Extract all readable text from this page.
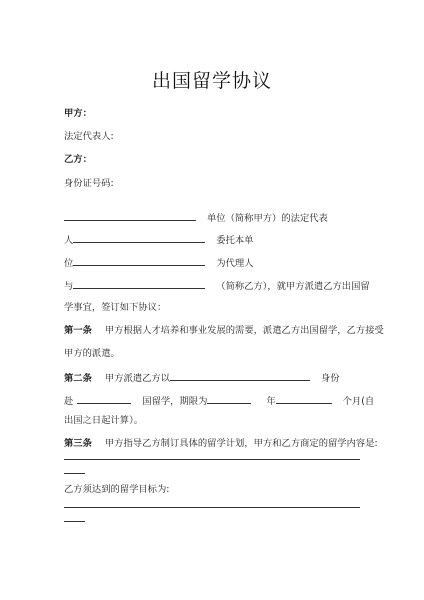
出国留学协议
甲方：
法定代表人:
乙方：
身份证号码:
单位（简称甲方）的法定代表
人	委托本单
位	为代理人
与	（简称乙方），就甲方派遣乙方出国留
学事宜，签订如下协议：
第一条 甲方根据人才培养和事业发展的需要，派遣乙方出国留学，乙方接受
甲方的派遣。
第二条 甲方派遣乙方以	身份
赴	国留学，期限为	年	个月(自
出国之日起计算）。
第三条 甲方指导乙方制订具体的留学计划，甲方和乙方商定的留学内容是:
乙方须达到的留学目标为:
